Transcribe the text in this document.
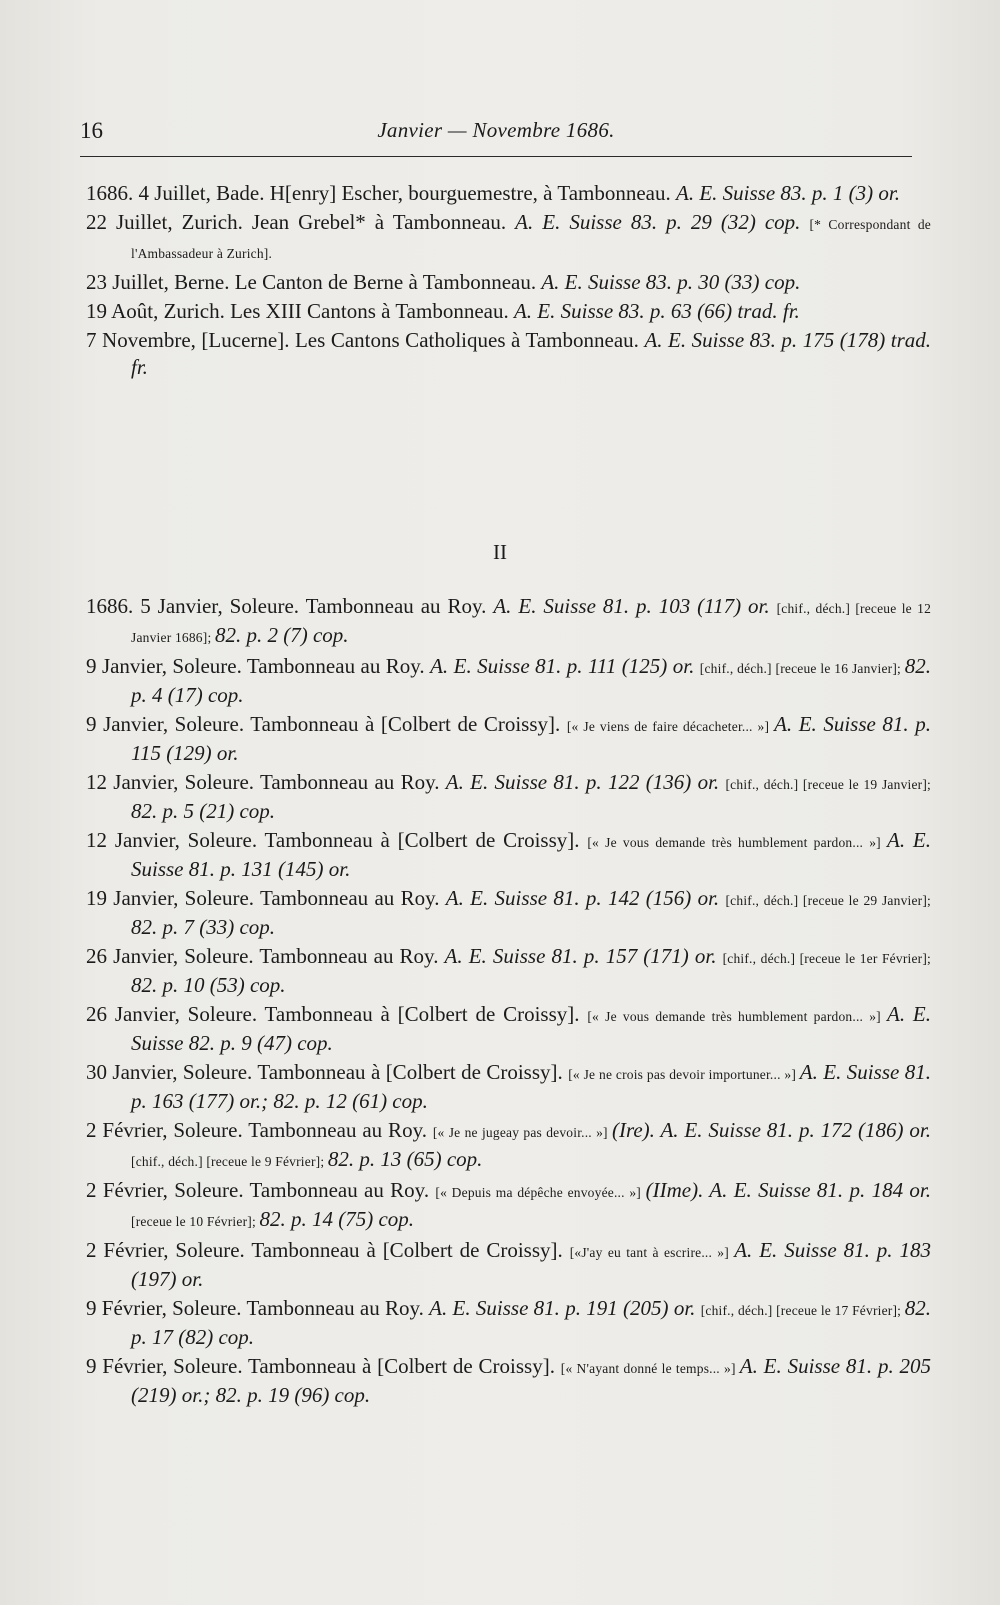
16	Janvier — Novembre 1686.
1686. 4 Juillet, Bade. H[enry] Escher, bourguemestre, à Tambonneau. A. E. Suisse 83. p. 1 (3) or.
22 Juillet, Zurich. Jean Grebel* à Tambonneau. A. E. Suisse 83. p. 29 (32) cop. [* Correspondant de l'Ambassadeur à Zurich].
23 Juillet, Berne. Le Canton de Berne à Tambonneau. A. E. Suisse 83. p. 30 (33) cop.
19 Août, Zurich. Les XIII Cantons à Tambonneau. A. E. Suisse 83. p. 63 (66) trad. fr.
7 Novembre, [Lucerne]. Les Cantons Catholiques à Tambonneau. A. E. Suisse 83. p. 175 (178) trad. fr.
II
1686. 5 Janvier, Soleure. Tambonneau au Roy. A. E. Suisse 81. p. 103 (117) or. [chif., déch.] [receue le 12 Janvier 1686]; 82. p. 2 (7) cop.
9 Janvier, Soleure. Tambonneau au Roy. A. E. Suisse 81. p. 111 (125) or. [chif., déch.] [receue le 16 Janvier]; 82. p. 4 (17) cop.
9 Janvier, Soleure. Tambonneau à [Colbert de Croissy]. [« Je viens de faire décacheter... »] A. E. Suisse 81. p. 115 (129) or.
12 Janvier, Soleure. Tambonneau au Roy. A. E. Suisse 81. p. 122 (136) or. [chif., déch.] [receue le 19 Janvier]; 82. p. 5 (21) cop.
12 Janvier, Soleure. Tambonneau à [Colbert de Croissy]. [« Je vous demande très humblement pardon... »] A. E. Suisse 81. p. 131 (145) or.
19 Janvier, Soleure. Tambonneau au Roy. A. E. Suisse 81. p. 142 (156) or. [chif., déch.] [receue le 29 Janvier]; 82. p. 7 (33) cop.
26 Janvier, Soleure. Tambonneau au Roy. A. E. Suisse 81. p. 157 (171) or. [chif., déch.] [receue le 1er Février]; 82. p. 10 (53) cop.
26 Janvier, Soleure. Tambonneau à [Colbert de Croissy]. [« Je vous demande très humblement pardon... »] A. E. Suisse 82. p. 9 (47) cop.
30 Janvier, Soleure. Tambonneau à [Colbert de Croissy]. [« Je ne crois pas devoir importuner... »] A. E. Suisse 81. p. 163 (177) or.; 82. p. 12 (61) cop.
2 Février, Soleure. Tambonneau au Roy. [« Je ne jugeay pas devoir... »] (Ire). A. E. Suisse 81. p. 172 (186) or. [chif., déch.] [receue le 9 Février]; 82. p. 13 (65) cop.
2 Février, Soleure. Tambonneau au Roy. [« Depuis ma dépêche envoyée... »] (IIme). A. E. Suisse 81. p. 184 or. [receue le 10 Février]; 82. p. 14 (75) cop.
2 Février, Soleure. Tambonneau à [Colbert de Croissy]. [«J'ay eu tant à escrire... »] A. E. Suisse 81. p. 183 (197) or.
9 Février, Soleure. Tambonneau au Roy. A. E. Suisse 81. p. 191 (205) or. [chif., déch.] [receue le 17 Février]; 82. p. 17 (82) cop.
9 Février, Soleure. Tambonneau à [Colbert de Croissy]. [« N'ayant donné le temps... »] A. E. Suisse 81. p. 205 (219) or.; 82. p. 19 (96) cop.
